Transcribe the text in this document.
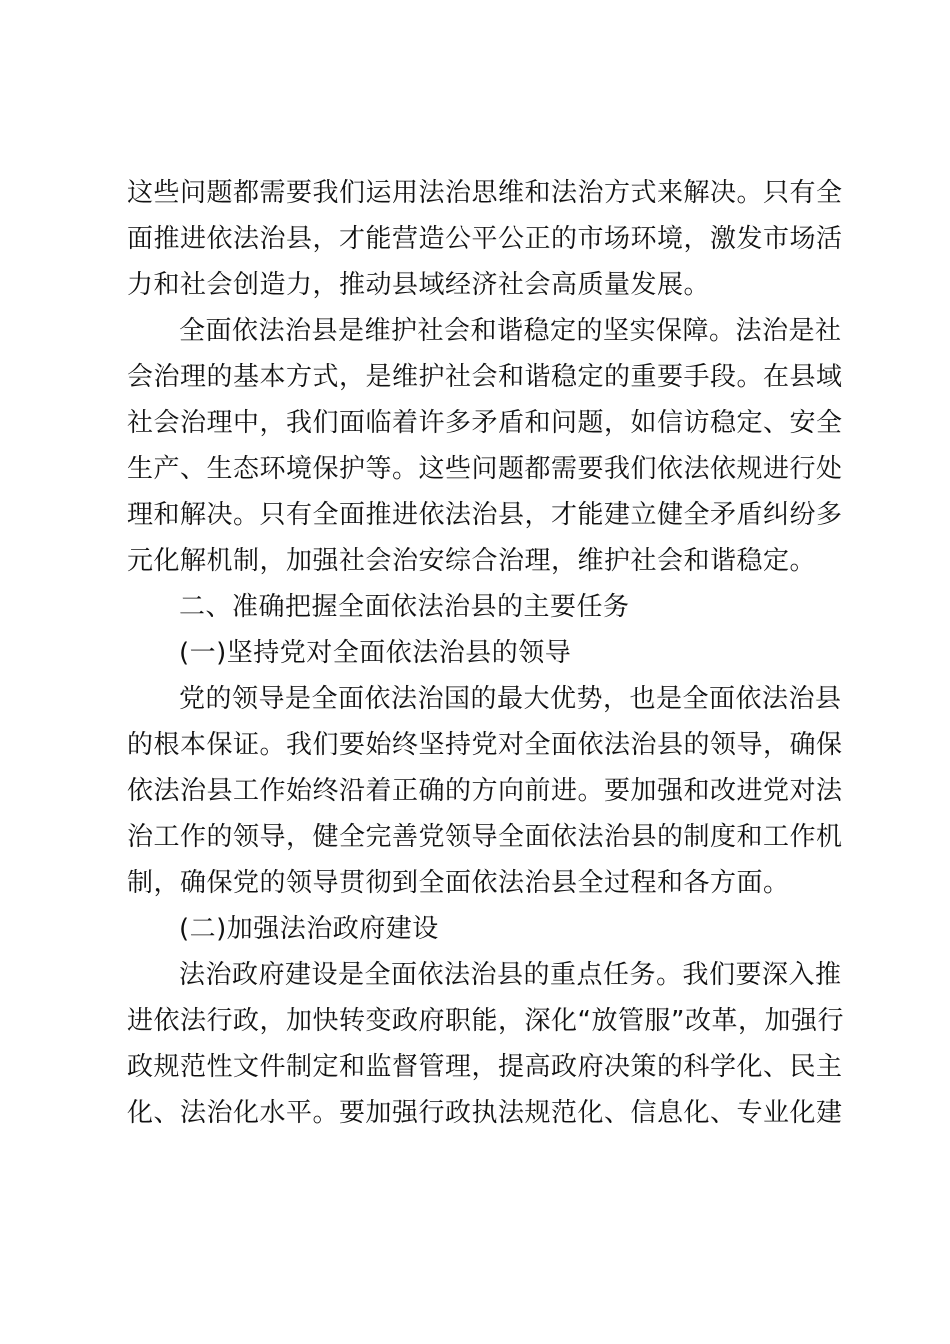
这些问题都需要我们运用法治思维和法治方式来解决。只有全
面推进依法治县，才能营造公平公正的市场环境，激发市场活
力和社会创造力，推动县域经济社会高质量发展。

全面依法治县是维护社会和谐稳定的坚实保障。法治是社
会治理的基本方式，是维护社会和谐稳定的重要手段。在县域
社会治理中，我们面临着许多矛盾和问题，如信访稳定、安全
生产、生态环境保护等。这些问题都需要我们依法依规进行处
理和解决。只有全面推进依法治县，才能建立健全矛盾纠纷多
元化解机制，加强社会治安综合治理，维护社会和谐稳定。

二、准确把握全面依法治县的主要任务

(一)坚持党对全面依法治县的领导

党的领导是全面依法治国的最大优势，也是全面依法治县
的根本保证。我们要始终坚持党对全面依法治县的领导，确保
依法治县工作始终沿着正确的方向前进。要加强和改进党对法
治工作的领导，健全完善党领导全面依法治县的制度和工作机
制，确保党的领导贯彻到全面依法治县全过程和各方面。

(二)加强法治政府建设

法治政府建设是全面依法治县的重点任务。我们要深入推
进依法行政，加快转变政府职能，深化“放管服”改革，加强行
政规范性文件制定和监督管理，提高政府决策的科学化、民主
化、法治化水平。要加强行政执法规范化、信息化、专业化建
